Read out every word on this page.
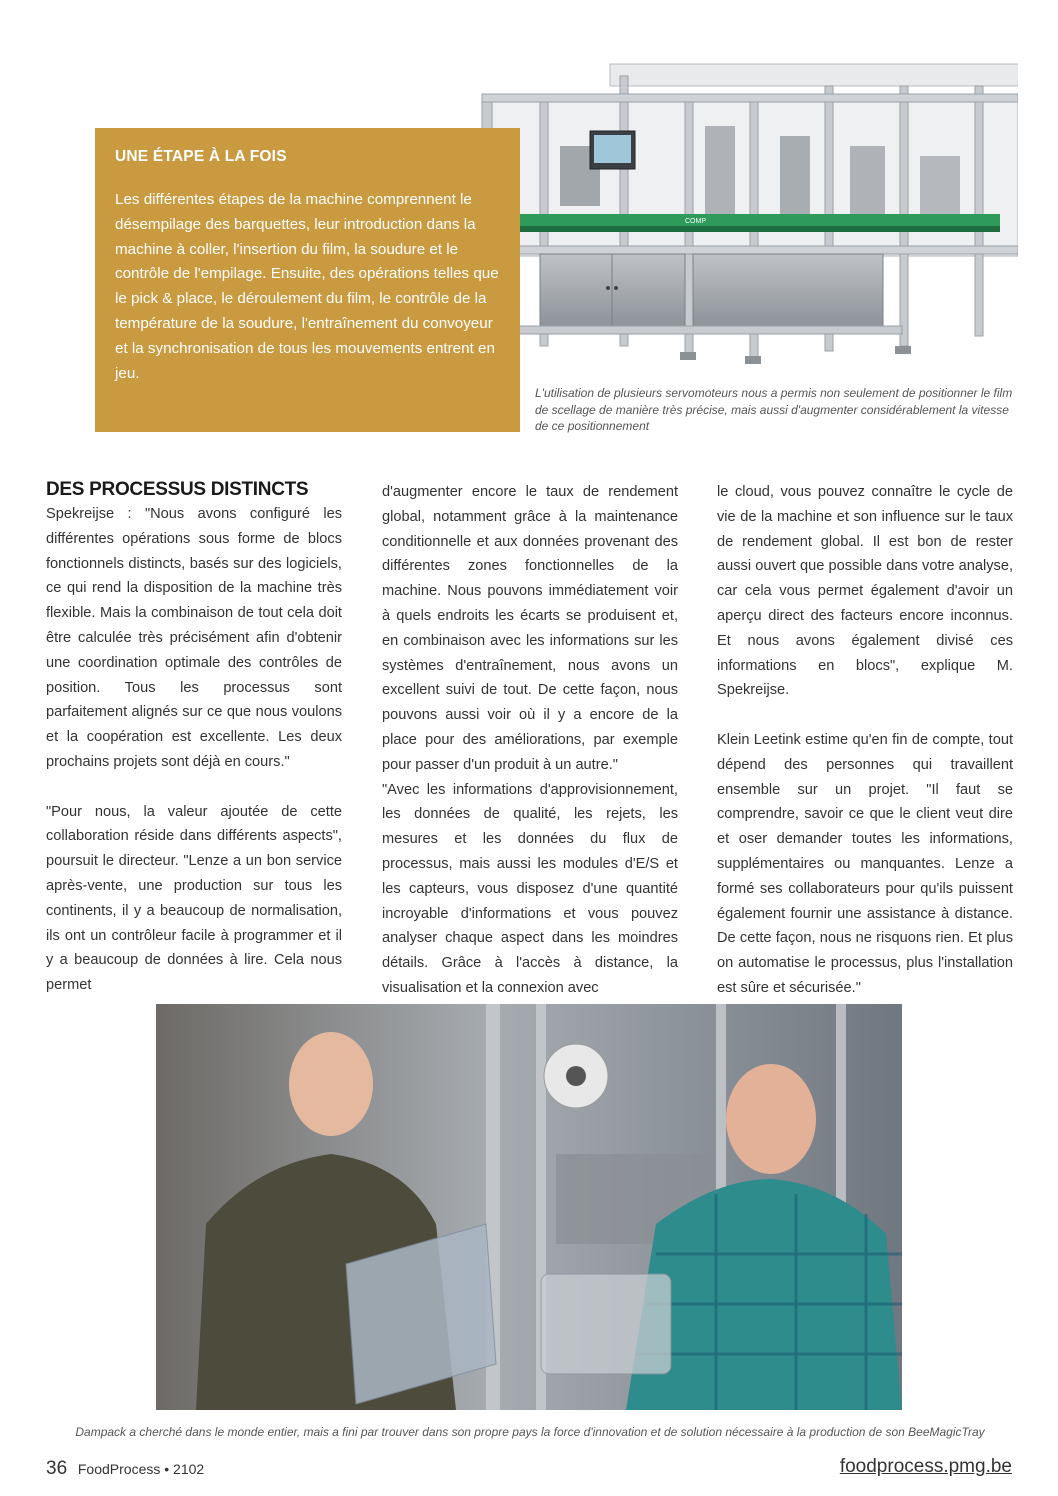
COMP
UNE ÉTAPE À LA FOIS
Les différentes étapes de la machine comprennent le désempilage des barquettes, leur introduction dans la machine à coller, l'insertion du film, la soudure et le contrôle de l'empilage. Ensuite, des opérations telles que le pick & place, le déroulement du film, le contrôle de la température de la soudure, l'entraînement du convoyeur et la synchronisation de tous les mouvements entrent en jeu.
L'utilisation de plusieurs servomoteurs nous a permis non seulement de positionner le film de scellage de manière très précise, mais aussi d'augmenter considérablement la vitesse de ce positionnement

DES PROCESSUS DISTINCTS

Spekreijse : "Nous avons configuré les différentes opérations sous forme de blocs fonctionnels distincts, basés sur des logiciels, ce qui rend la disposition de la machine très flexible. Mais la combinaison de tout cela doit être calculée très précisément afin d'obtenir une coordination optimale des contrôles de position. Tous les processus sont parfaitement alignés sur ce que nous voulons et la coopération est excellente. Les deux prochains projets sont déjà en cours."

"Pour nous, la valeur ajoutée de cette collaboration réside dans différents aspects", poursuit le directeur. "Lenze a un bon service après-vente, une production sur tous les continents, il y a beaucoup de normalisation, ils ont un contrôleur facile à programmer et il y a beaucoup de données à lire. Cela nous permet

d'augmenter encore le taux de rendement global, notamment grâce à la maintenance conditionnelle et aux données provenant des différentes zones fonctionnelles de la machine. Nous pouvons immédiatement voir à quels endroits les écarts se produisent et, en combinaison avec les informations sur les systèmes d'entraînement, nous avons un excellent suivi de tout. De cette façon, nous pouvons aussi voir où il y a encore de la place pour des améliorations, par exemple pour passer d'un produit à un autre."

"Avec les informations d'approvisionnement, les données de qualité, les rejets, les mesures et les données du flux de processus, mais aussi les modules d'E/S et les capteurs, vous disposez d'une quantité incroyable d'informations et vous pouvez analyser chaque aspect dans les moindres détails. Grâce à l'accès à distance, la visualisation et la connexion avec

le cloud, vous pouvez connaître le cycle de vie de la machine et son influence sur le taux de rendement global. Il est bon de rester aussi ouvert que possible dans votre analyse, car cela vous permet également d'avoir un aperçu direct des facteurs encore inconnus. Et nous avons également divisé ces informations en blocs", explique M. Spekreijse.

Klein Leetink estime qu'en fin de compte, tout dépend des personnes qui travaillent ensemble sur un projet. "Il faut se comprendre, savoir ce que le client veut dire et oser demander toutes les informations, supplémentaires ou manquantes. Lenze a formé ses collaborateurs pour qu'ils puissent également fournir une assistance à distance. De cette façon, nous ne risquons rien. Et plus on automatise le processus, plus l'installation est sûre et sécurisée."

Dampack a cherché dans le monde entier, mais a fini par trouver dans son propre pays la force d'innovation et de solution nécessaire à la production de son BeeMagicTray
36 FoodProcess • 2102	foodprocess.pmg.be
